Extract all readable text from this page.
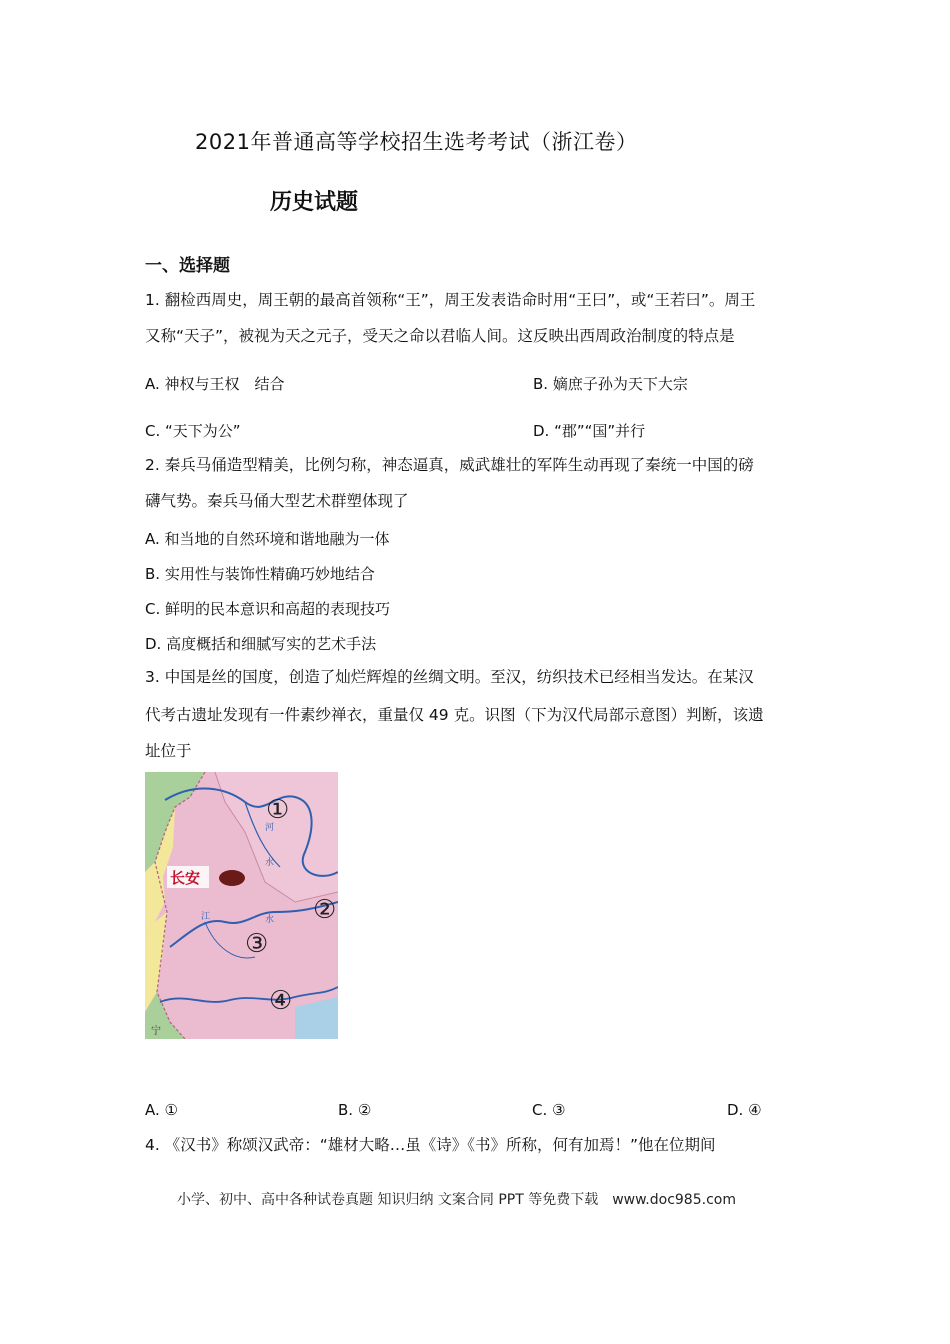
2021年普通高等学校招生选考考试（浙江卷）
历史试题
一、选择题
1. 翻检西周史，周王朝的最高首领称“王”，周王发表诰命时用“王曰”，或“王若曰”。周王
又称“天子”，被视为天之元子，受天之命以君临人间。这反映出西周政治制度的特点是
A. 神权与王权　结合	B. 嫡庶子孙为天下大宗
C. “天下为公”	D. “郡”“国”并行
2. 秦兵马俑造型精美，比例匀称，神态逼真，威武雄壮的军阵生动再现了秦统一中国的磅
礴气势。秦兵马俑大型艺术群塑体现了
A. 和当地的自然环境和谐地融为一体
B. 实用性与装饰性精确巧妙地结合
C. 鲜明的民本意识和高超的表现技巧
D. 高度概括和细腻写实的艺术手法
3. 中国是丝的国度，创造了灿烂辉煌的丝绸文明。至汉，纺织技术已经相当发达。在某汉
代考古遗址发现有一件素纱禅衣，重量仅 49 克。识图（下为汉代局部示意图）判断，该遗
址位于
长安
河
水
江	水
宁
①
②
③
④
A. ①	B. ②	C. ③	D. ④
4. 《汉书》称颂汉武帝：“雄材大略…虽《诗》《书》所称，何有加焉！”他在位期间
小学、初中、高中各种试卷真题 知识归纳 文案合同 PPT 等免费下载　www.doc985.com
